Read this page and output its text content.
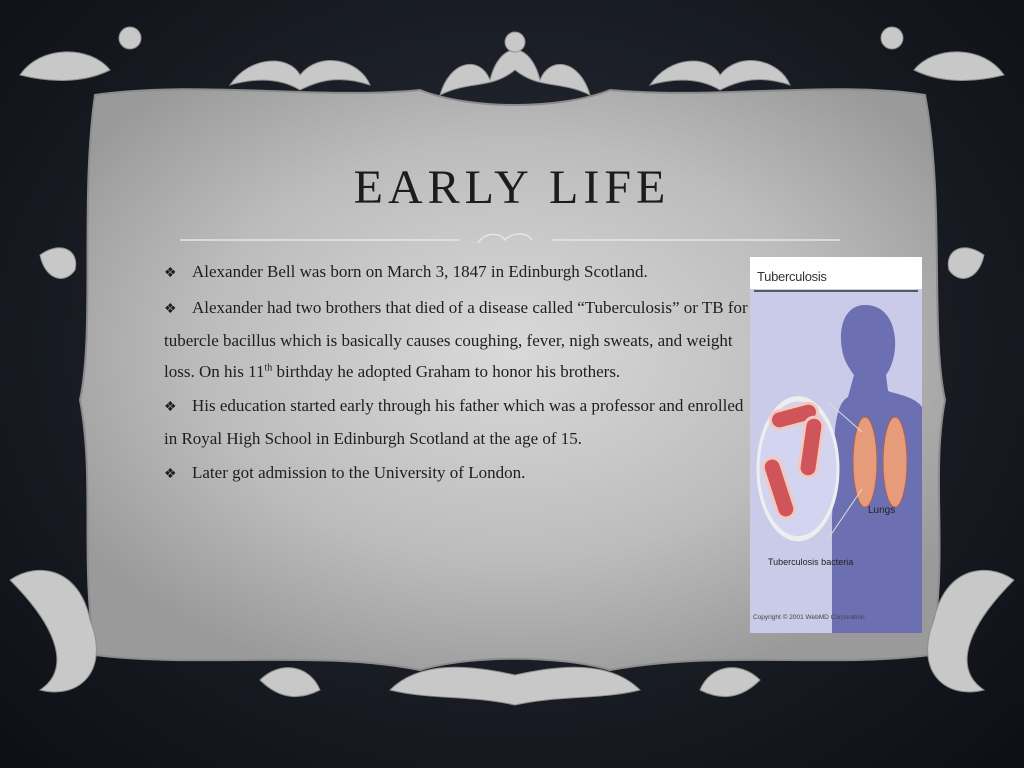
EARLY LIFE
❖ Alexander Bell was born on March 3, 1847 in Edinburgh Scotland.
❖ Alexander had two brothers that died of a disease called “Tuberculosis” or TB for tubercle bacillus which is basically causes coughing, fever, nigh sweats, and weight loss. On his 11th birthday he adopted Graham to honor his brothers.
❖ His education started early through his father which was a professor and enrolled in Royal High School in Edinburgh Scotland at the age of 15.
❖ Later got admission to the University of London.
Tuberculosis
Lungs
Tuberculosis bacteria
Copyright © 2001 WebMD Corporation
